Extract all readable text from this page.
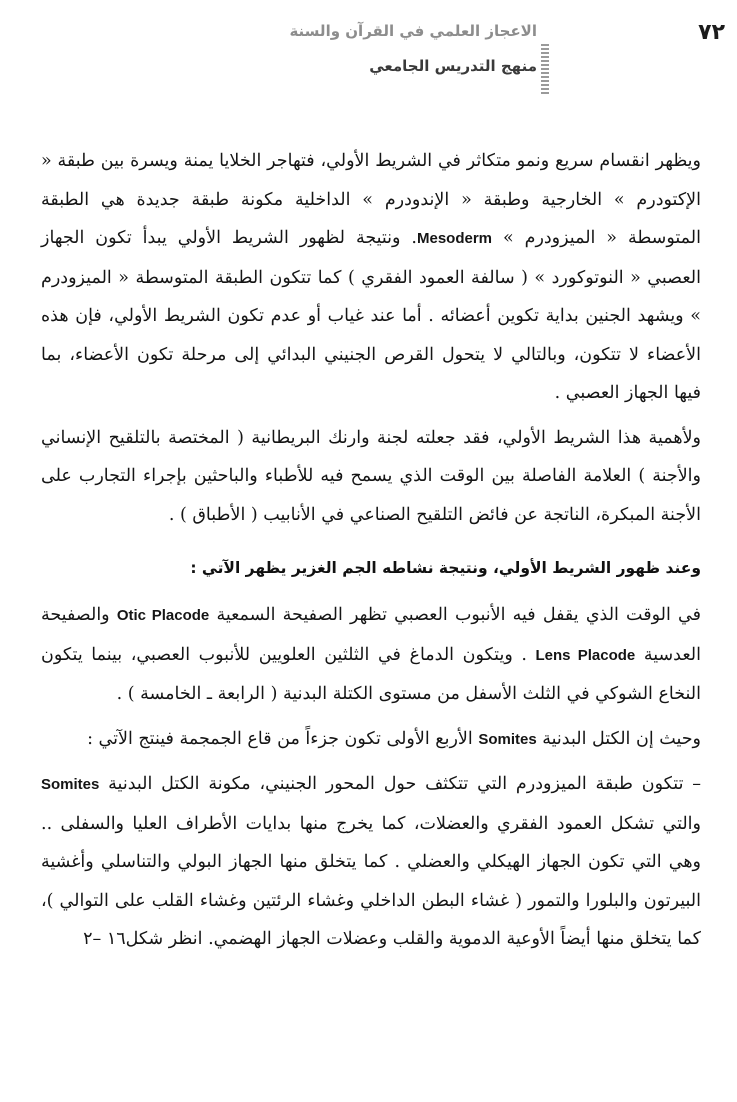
٧٢
الاعجاز العلمي في القرآن والسنة
منهج التدريس الجامعي

ويظهر انقسام سريع ونمو متكاثر في الشريط الأولي، فتهاجر الخلايا يمنة ويسرة بين طبقة « الإكتودرم » الخارجية وطبقة « الإندودرم » الداخلية مكونة طبقة جديدة هي الطبقة المتوسطة « الميزودرم » Mesoderm. ونتيجة لظهور الشريط الأولي يبدأ تكون الجهاز العصبي « النوتوكورد » ( سالفة العمود الفقري ) كما تتكون الطبقة المتوسطة « الميزودرم » ويشهد الجنين بداية تكوين أعضائه . أما عند غياب أو عدم تكون الشريط الأولي، فإن هذه الأعضاء لا تتكون، وبالتالي لا يتحول القرص الجنيني البدائي إلى مرحلة تكون الأعضاء، بما فيها الجهاز العصبي .

ولأهمية هذا الشريط الأولي، فقد جعلته لجنة وارنك البريطانية ( المختصة بالتلقيح الإنساني والأجنة ) العلامة الفاصلة بين الوقت الذي يسمح فيه للأطباء والباحثين بإجراء التجارب على الأجنة المبكرة، الناتجة عن فائض التلقيح الصناعي في الأنابيب ( الأطباق ) .

وعند ظهور الشريط الأولي، ونتيجة نشاطه الجم الغزير يظهر الآتي :

في الوقت الذي يقفل فيه الأنبوب العصبي تظهر الصفيحة السمعية Otic Placode والصفيحة العدسية Lens Placode . ويتكون الدماغ في الثلثين العلويين للأنبوب العصبي، بينما يتكون النخاع الشوكي في الثلث الأسفل من مستوى الكتلة البدنية ( الرابعة ـ الخامسة ) .

وحيث إن الكتل البدنية Somites الأربع الأولى تكون جزءاً من قاع الجمجمة فينتج الآتي :

– تتكون طبقة الميزودرم التي تتكثف حول المحور الجنيني، مكونة الكتل البدنية Somites والتي تشكل العمود الفقري والعضلات، كما يخرج منها بدايات الأطراف العليا والسفلى .. وهي التي تكون الجهاز الهيكلي والعضلي . كما يتخلق منها الجهاز البولي والتناسلي وأغشية البيرتون والبلورا والتمور ( غشاء البطن الداخلي وغشاء الرئتين وغشاء القلب على التوالي )، كما يتخلق منها أيضاً الأوعية الدموية والقلب وعضلات الجهاز الهضمي. انظر شكل١٦ –٢
